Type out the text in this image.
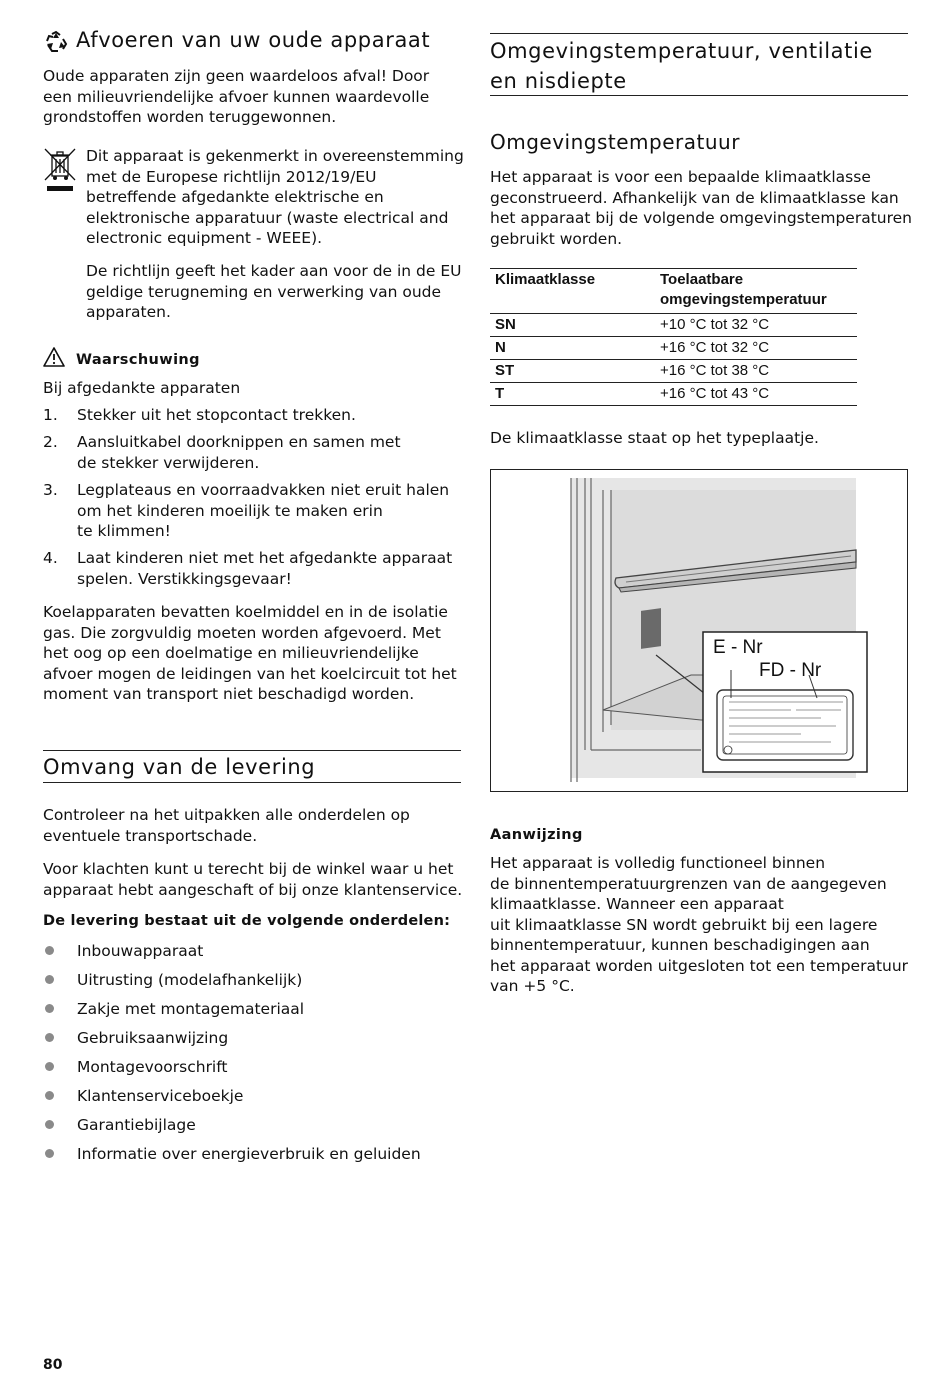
Afvoeren van uw oude apparaat

Oude apparaten zijn geen waardeloos afval! Door

een milieuvriendelijke afvoer kunnen waardevolle

grondstoffen worden teruggewonnen.

Dit apparaat is gekenmerkt in overeenstemming

met de Europese richtlijn 2012/19/EU

betreffende afgedankte elektrische en

elektronische apparatuur (waste electrical and

electronic equipment - WEEE).

De richtlijn geeft het kader aan voor de in de EU

geldige terugneming en verwerking van oude

apparaten.

Waarschuwing

Bij afgedankte apparaten

1.	Stekker uit het stopcontact trekken.
2.	Aansluitkabel doorknippen en samen met

de stekker verwijderen.

3.	Legplateaus en voorraadvakken niet eruit halen

om het kinderen moeilijk te maken erin

te klimmen!

4.	Laat kinderen niet met het afgedankte apparaat

spelen. Verstikkingsgevaar!

Koelapparaten bevatten koelmiddel en in de isolatie

gas. Die zorgvuldig moeten worden afgevoerd. Met

het oog op een doelmatige en milieuvriendelijke

afvoer mogen de leidingen van het koelcircuit tot het

moment van transport niet beschadigd worden.

Omvang van de levering

Controleer na het uitpakken alle onderdelen op

eventuele transportschade.

Voor klachten kunt u terecht bij de winkel waar u het

apparaat hebt aangeschaft of bij onze klantenservice.

De levering bestaat uit de volgende onderdelen:
Inbouwapparaat
Uitrusting (modelafhankelijk)
Zakje met montagemateriaal
Gebruiksaanwijzing
Montagevoorschrift
Klantenserviceboekje
Garantiebijlage
Informatie over energieverbruik en geluiden
Omgevingstemperatuur, ventilatie
en nisdiepte
Omgevingstemperatuur

Het apparaat is voor een bepaalde klimaatklasse

geconstrueerd. Afhankelijk van de klimaatklasse kan

het apparaat bij de volgende omgevingstemperaturen

gebruikt worden.

Klimaatklasse	Toelaatbare
omgevingstemperatuur
SN	+10 °C tot 32 °C
N	+16 °C tot 32 °C
ST	+16 °C tot 38 °C
T	+16 °C tot 43 °C

De klimaatklasse staat op het typeplaatje.

E - Nr
FD - Nr
Aanwijzing

Het apparaat is volledig functioneel binnen

de binnentemperatuurgrenzen van de aangegeven

klimaatklasse. Wanneer een apparaat

uit klimaatklasse SN wordt gebruikt bij een lagere

binnentemperatuur, kunnen beschadigingen aan

het apparaat worden uitgesloten tot een temperatuur

van +5 °C.

80
